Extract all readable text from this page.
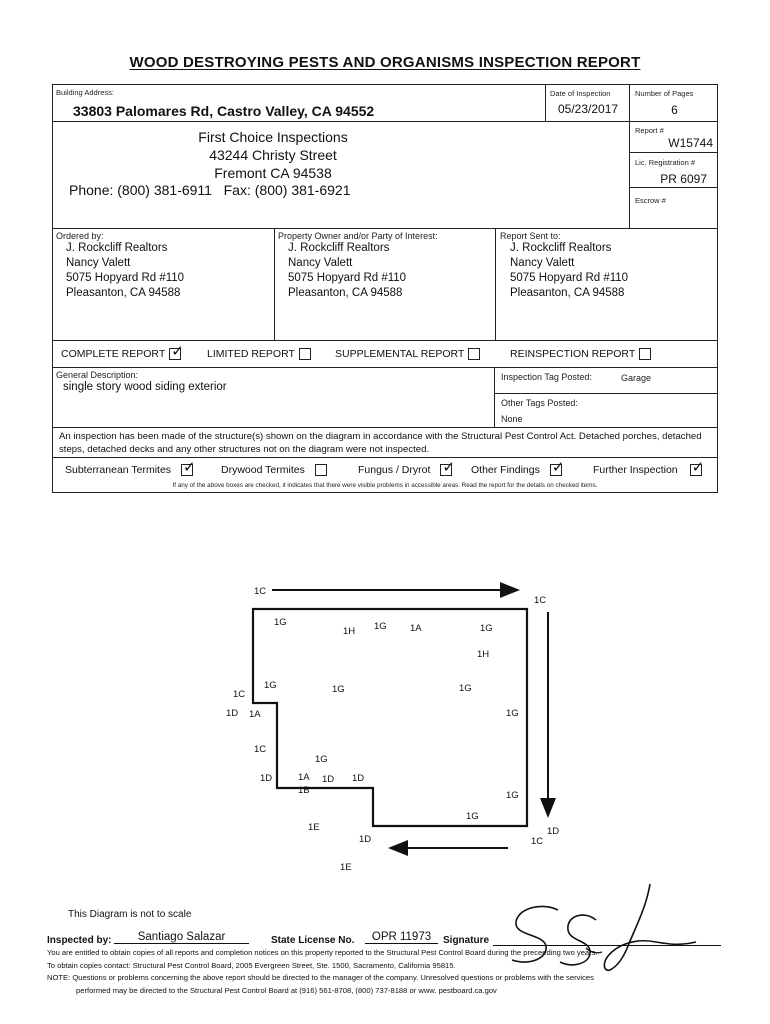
WOOD DESTROYING PESTS AND ORGANISMS INSPECTION REPORT
Building Address:
33803 Palomares Rd, Castro Valley, CA 94552
Date of Inspection
05/23/2017
Number of Pages
6
First Choice Inspections
43244 Christy Street
Fremont CA 94538
Phone: (800) 381-6911   Fax: (800) 381-6921
Report #
W15744
Lic. Registration #
PR 6097
Escrow #
Ordered by:
J. Rockcliff Realtors
Nancy Valett
5075 Hopyard Rd #110
Pleasanton, CA 94588
Property Owner and/or Party of Interest:
J. Rockcliff Realtors
Nancy Valett
5075 Hopyard Rd #110
Pleasanton, CA 94588
Report Sent to:
J. Rockcliff Realtors
Nancy Valett
5075 Hopyard Rd #110
Pleasanton, CA 94588
COMPLETE REPORT ✓ LIMITED REPORT	SUPPLEMENTAL REPORT	REINSPECTION REPORT
General Description:
single story wood siding exterior
Inspection Tag Posted:	Garage
Other Tags Posted:
None
An inspection has been made of the structure(s) shown on the diagram in accordance with the Structural Pest Control Act. Detached porches, detached steps, detached decks and any other structures not on the diagram were not inspected.
Subterranean Termites ✓ Drywood Termites	Fungus / Dryrot ✓ Other Findings ✓	Further Inspection ✓
If any of the above boxes are checked, it indicates that there were visible problems in accessible areas. Read the report for the details on checked items.
1C
1C
1G
1H 1G 1A	1G
1H
1C
1G	1G	1G
1D 1A	1G
1C
1G
1D	1A 1D 1D
1B	1G
1G
1E
1D
1D
1C
1E
This Diagram is not to scale
Inspected by:	Santiago Salazar	State License No.	OPR 11973	Signature
You are entitled to obtain copies of all reports and completion notices on this property reported to the Structural Pest Control Board during the preceeding two years.
To obtain copies contact: Structural Pest Control Board, 2005 Evergreen Street, Ste. 1500, Sacramento, California 95815.
NOTE: Questions or problems concerning the above report should be directed to the manager of the company. Unresolved questions or problems with the services
performed may be directed to the Structural Pest Control Board at (916) 561-8708, (800) 737-8188 or www. pestboard.ca.gov
